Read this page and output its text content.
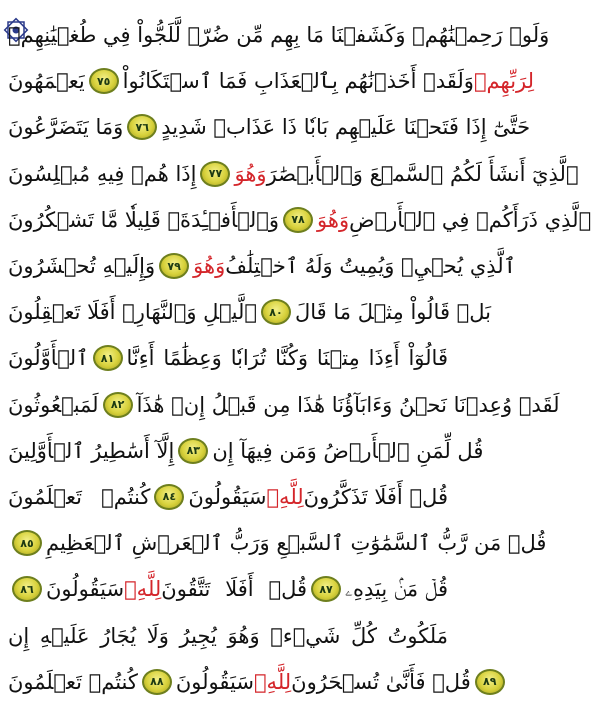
وَلَوۡ رَحِمۡنَٰهُمۡ وَكَشَفۡنَا مَا بِهِم مِّن ضُرّٖ لَّلَجُّواْ فِي طُغۡيَٰنِهِمۡ
يَعۡمَهُونَ	٧٥ وَلَقَدۡ أَخَذۡنَٰهُم بِٱلۡعَذَابِ فَمَا ٱسۡتَكَانُواْ لِرَبِّهِمۡ
وَمَا يَتَضَرَّعُونَ	٧٦ حَتَّىٰٓ إِذَا فَتَحۡنَا عَلَيۡهِم بَابٗا ذَا عَذَابٖ شَدِيدٍ
إِذَا هُمۡ فِيهِ مُبۡلِسُونَ	٧٧ وَهُوَ ٱلَّذِيٓ أَنشَأَ لَكُمُ ٱلسَّمۡعَ وَٱلۡأَبۡصَٰرَ
وَٱلۡأَفۡـِٔدَةَۚ قَلِيلٗا مَّا تَشۡكُرُونَ	٧٨ وَهُوَ ٱلَّذِي ذَرَأَكُمۡ فِي ٱلۡأَرۡضِ
وَإِلَيۡهِ تُحۡشَرُونَ	٧٩ وَهُوَ ٱلَّذِي يُحۡيِۦ وَيُمِيتُ وَلَهُ ٱخۡتِلَٰفُ
ٱلَّيۡلِ وَٱلنَّهَارِۚ أَفَلَا تَعۡقِلُونَ	٨٠ بَلۡ قَالُواْ مِثۡلَ مَا قَالَ
ٱلۡأَوَّلُونَ	٨١ قَالُوٓاْ أَءِذَا مِتۡنَا وَكُنَّا تُرَابٗا وَعِظَٰمًا أَءِنَّا
لَمَبۡعُوثُونَ	٨٢ لَقَدۡ وُعِدۡنَا نَحۡنُ وَءَابَآؤُنَا هَٰذَا مِن قَبۡلُ إِنۡ هَٰذَآ
إِلَّآ أَسَٰطِيرُ ٱلۡأَوَّلِينَ	٨٣ قُل لِّمَنِ ٱلۡأَرۡضُ وَمَن فِيهَآ إِن
كُنتُمۡ تَعۡلَمُونَ	٨٤ سَيَقُولُونَ لِلَّهِۚ قُلۡ أَفَلَا تَذَكَّرُونَ
٨٥ قُلۡ مَن رَّبُّ ٱلسَّمَٰوَٰتِ ٱلسَّبۡعِ وَرَبُّ ٱلۡعَرۡشِ ٱلۡعَظِيمِ
٨٦ سَيَقُولُونَ لِلَّهِۚ قُلۡ أَفَلَا تَتَّقُونَ	٨٧ قُلۡ مَنۢ بِيَدِهِۦ
مَلَكُوتُ كُلِّ شَيۡءٖ وَهُوَ يُجِيرُ وَلَا يُجَارُ عَلَيۡهِ إِن
كُنتُمۡ تَعۡلَمُونَ	٨٨ سَيَقُولُونَ لِلَّهِۚ قُلۡ فَأَنَّىٰ تُسۡحَرُونَ	٨٩
